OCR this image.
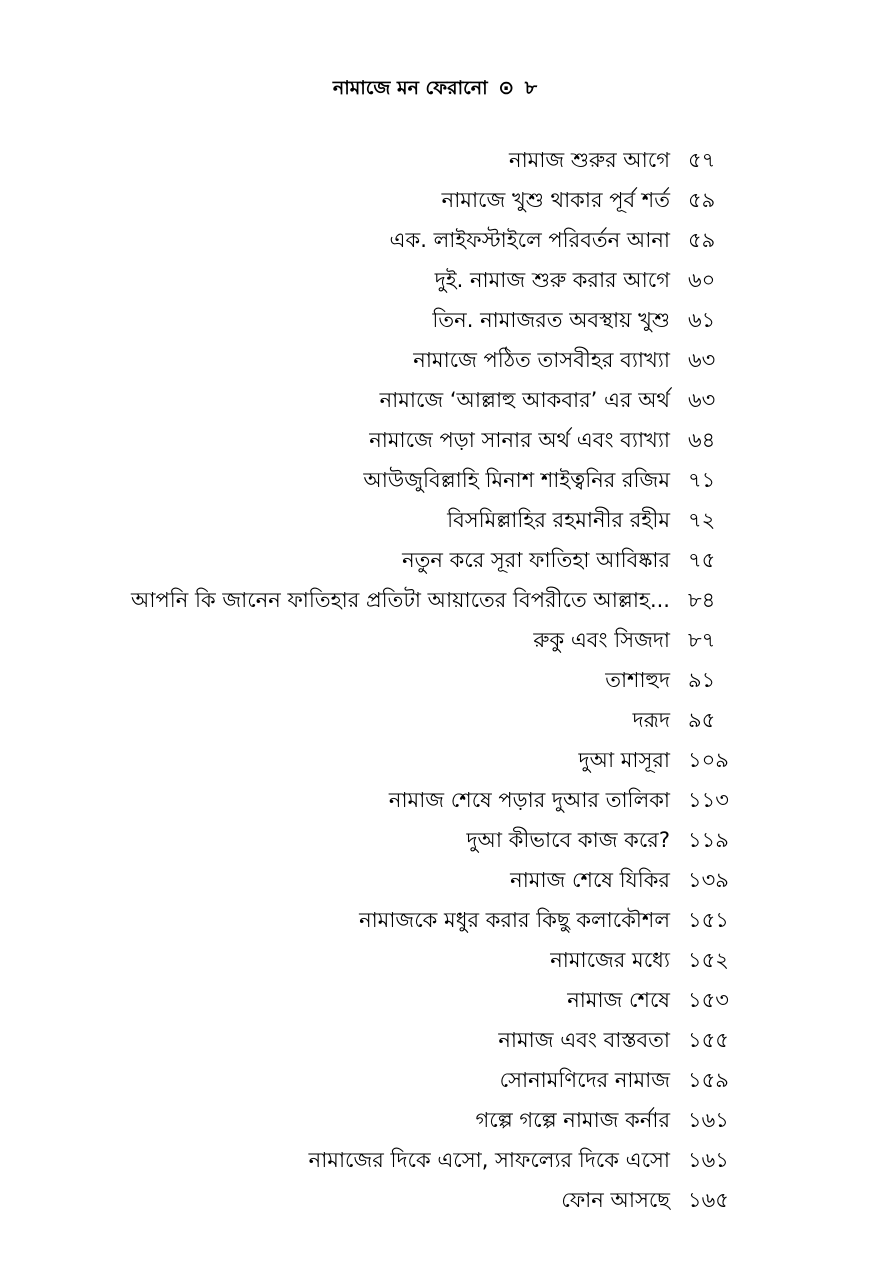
নামাজে মন ফেরানো ⊙ ৮
নামাজ শুরুর আগে ৫৭
নামাজে খুশু থাকার পূর্ব শর্ত ৫৯
এক. লাইফস্টাইলে পরিবর্তন আনা ৫৯
দুই. নামাজ শুরু করার আগে ৬০
তিন. নামাজরত অবস্থায় খুশু ৬১
নামাজে পঠিত তাসবীহর ব্যাখ্যা ৬৩
নামাজে ‘আল্লাহু আকবার’ এর অর্থ ৬৩
নামাজে পড়া সানার অর্থ এবং ব্যাখ্যা ৬৪
আউজুবিল্লাহি মিনাশ শাইত্বনির রজিম ৭১
বিসমিল্লাহির রহমানীর রহীম ৭২
নতুন করে সূরা ফাতিহা আবিষ্কার ৭৫
আপনি কি জানেন ফাতিহার প্রতিটা আয়াতের বিপরীতে আল্লাহ... ৮৪
রুকু এবং সিজদা ৮৭
তাশাহুদ ৯১
দরূদ ৯৫
দুআ মাসূরা ১০৯
নামাজ শেষে পড়ার দুআর তালিকা ১১৩
দুআ কীভাবে কাজ করে? ১১৯
নামাজ শেষে যিকির ১৩৯
নামাজকে মধুর করার কিছু কলাকৌশল ১৫১
নামাজের মধ্যে ১৫২
নামাজ শেষে ১৫৩
নামাজ এবং বাস্তবতা ১৫৫
সোনামণিদের নামাজ ১৫৯
গল্পে গল্পে নামাজ কর্নার ১৬১
নামাজের দিকে এসো, সাফল্যের দিকে এসো ১৬১
ফোন আসছে ১৬৫
